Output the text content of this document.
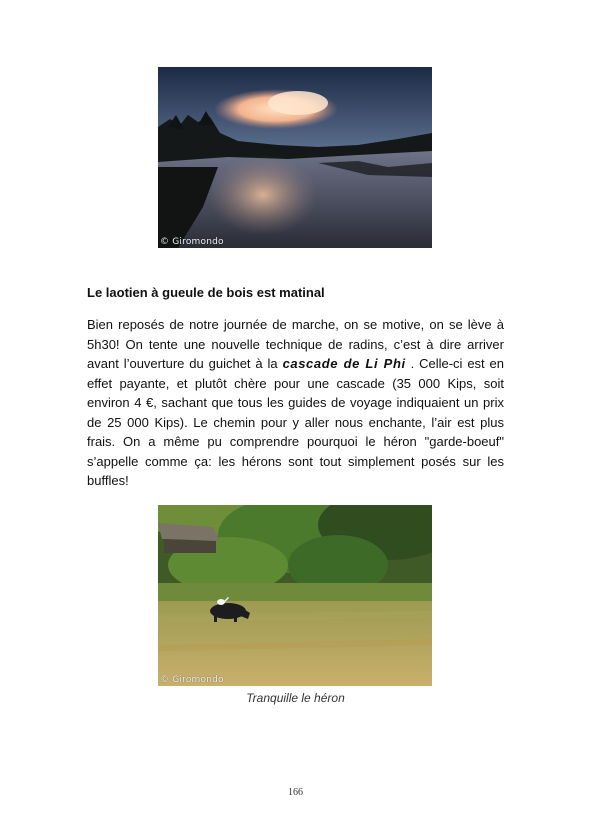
© Giromondo
Le laotien à gueule de bois est matinal

Bien reposés de notre journée de marche, on se motive, on se lève à 5h30! On tente une nouvelle technique de radins, c’est à dire arriver avant l’ouverture du guichet à la cascade de Li Phi . Celle-ci est en effet payante, et plutôt chère pour une cascade (35 000 Kips, soit environ 4 €, sachant que tous les guides de voyage indiquaient un prix de 25 000 Kips). Le chemin pour y aller nous enchante, l’air est plus frais. On a même pu comprendre pourquoi le héron "garde-boeuf" s’appelle comme ça: les hérons sont tout simplement posés sur les buffles!

© Giromondo
Tranquille le héron
166
